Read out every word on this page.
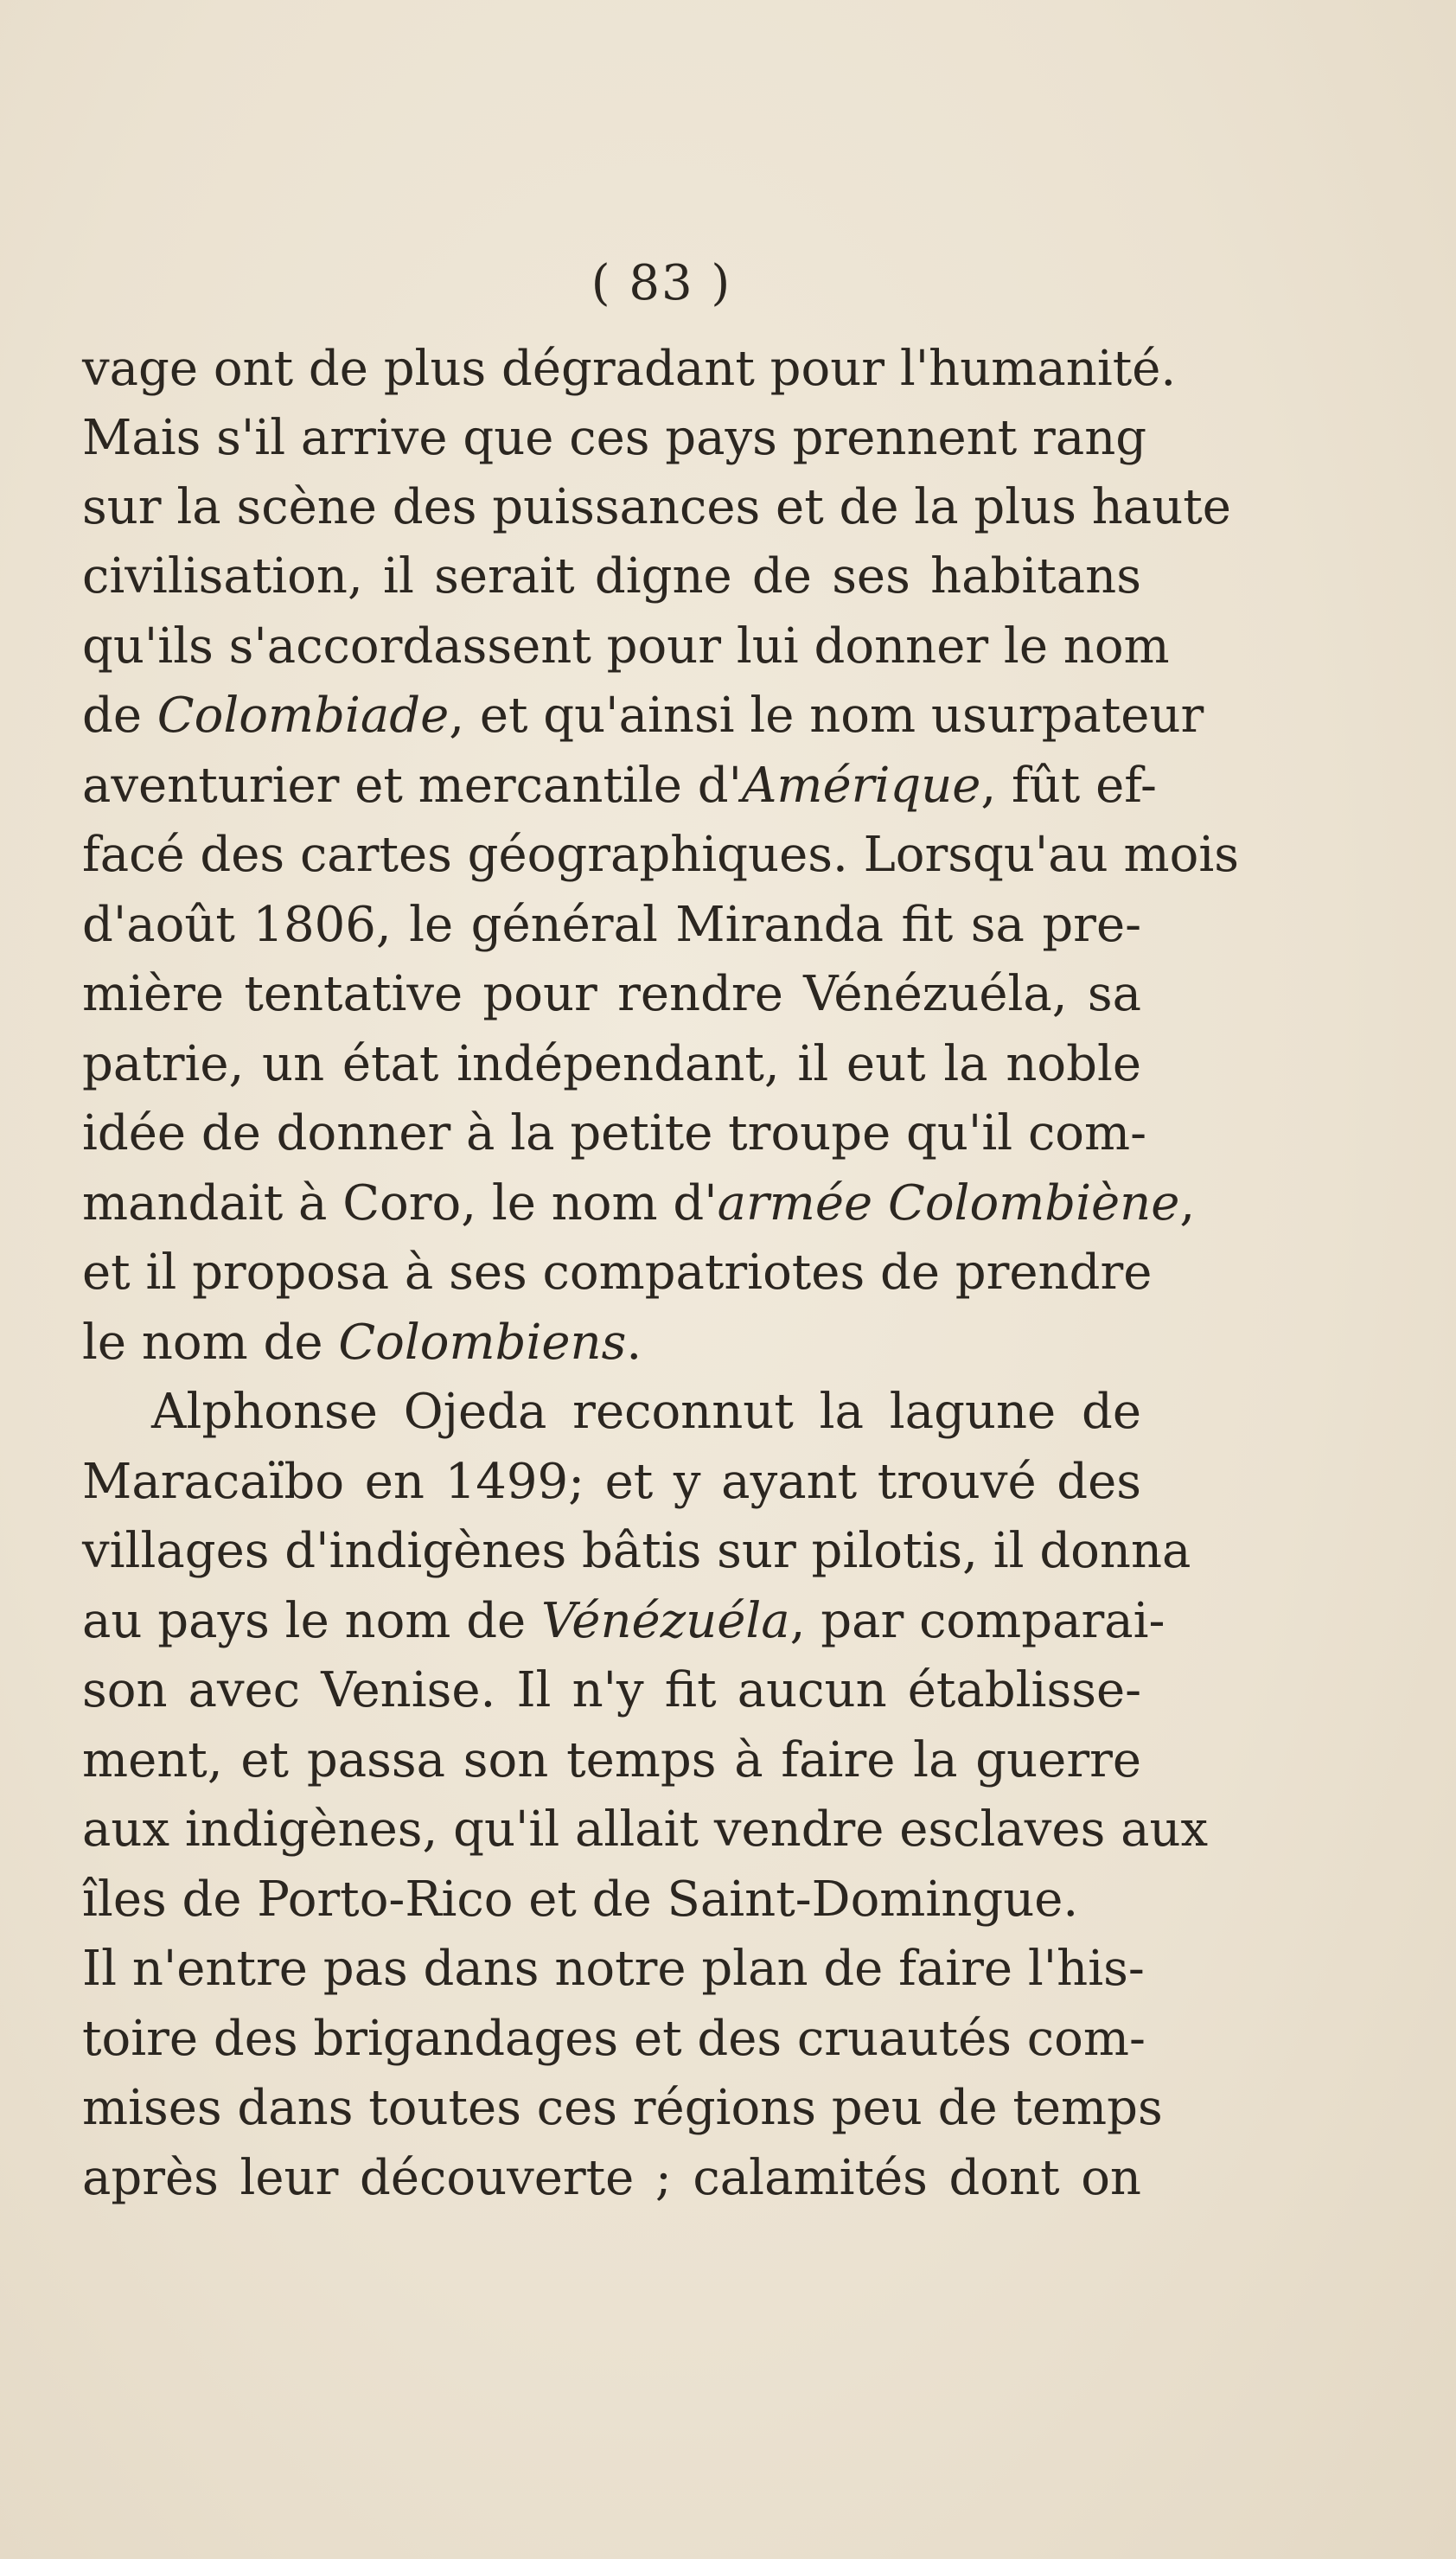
( 83 )
vage ont de plus dégradant pour l'humanité.
Mais s'il arrive que ces pays prennent rang
sur la scène des puissances et de la plus haute
civilisation, il serait digne de ses habitans
qu'ils s'accordassent pour lui donner le nom
de Colombiade, et qu'ainsi le nom usurpateur
aventurier et mercantile d'Amérique, fût ef-
facé des cartes géographiques. Lorsqu'au mois
d'août 1806, le général Miranda fit sa pre-
mière tentative pour rendre Vénézuéla, sa
patrie, un état indépendant, il eut la noble
idée de donner à la petite troupe qu'il com-
mandait à Coro, le nom d'armée Colombiène,
et il proposa à ses compatriotes de prendre
le nom de Colombiens.
Alphonse Ojeda reconnut la lagune de
Maracaïbo en 1499; et y ayant trouvé des
villages d'indigènes bâtis sur pilotis, il donna
au pays le nom de Vénézuéla, par comparai-
son avec Venise. Il n'y fit aucun établisse-
ment, et passa son temps à faire la guerre
aux indigènes, qu'il allait vendre esclaves aux
îles de Porto-Rico et de Saint-Domingue.
Il n'entre pas dans notre plan de faire l'his-
toire des brigandages et des cruautés com-
mises dans toutes ces régions peu de temps
après leur découverte ; calamités dont on
